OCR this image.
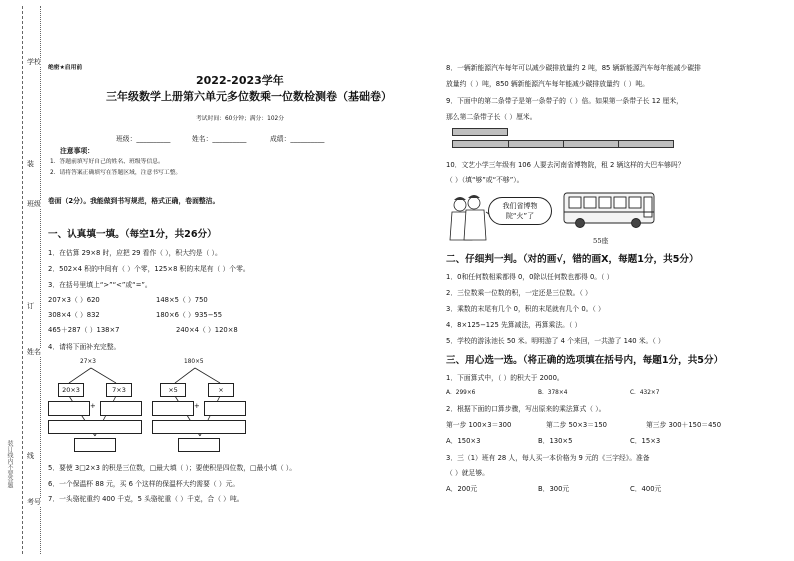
学校
装
班级
订
姓名
线
考号
装订线内不要答题
绝密★启用前
2022-2023学年
三年级数学上册第六单元多位数乘一位数检测卷（基础卷）
考试时间：60分钟；满分：102分
班级：__________	姓名：__________	成绩：__________
注意事项：
1．答题前填写好自己的姓名、班级等信息。
2．请将答案正确填写在答题区域，注意书写工整。
卷面（2分）。我能做到书写规范，格式正确，卷面整洁。
一、认真填一填。（每空1分，共26分）
1．在估算 29×8 时，应把 29 看作（ ），积大约是（ ）。
2．502×4 积的中间有（ ）个零，125×8 积的末尾有（ ）个零。
3．在括号里填上“>”“<”或“=”。
207×3（ ）620	148×5（ ）750
308×4（ ）832	180×6（ ）935−55
465＋287（ ）138×7	240×4（ ）120×8
4．请将下面补充完整。
27×3
20×3	7×3
+
180×5
×5	×
+
5．要使 3□2×3 的积是三位数，□最大填（ ）；要使积是四位数，□最小填（ ）。
6．一个保温杯 88 元，买 6 个这样的保温杯大约需要（ ）元。
7．一头骆驼重约 400 千克，5 头骆驼重（ ）千克，合（ ）吨。
8．一辆新能源汽车每年可以减少碳排放量约 2 吨，85 辆新能源汽车每年能减少碳排
放量约（ ）吨，850 辆新能源汽车每年能减少碳排放量约（ ）吨。
9．下面中的第二条带子是第一条带子的（ ）倍。如果第一条带子长 12 厘米，
那么第二条带子长（ ）厘米。
10．文艺小学三年级有 106 人要去河南省博物院，租 2 辆这样的大巴车够吗？
（ ）（填“够”或“不够”）。
我们省博物院“火”了
55座
二、仔细判一判。（对的画√，错的画X，每题1分，共5分）
1．0和任何数相乘都得 0，0除以任何数也都得 0。（ ）
2．三位数乘一位数的积，一定还是三位数。（ ）
3．乘数的末尾有几个 0，积的末尾就有几个 0。（ ）
4．8×125−125 先算减法，再算乘法。（ ）
5．学校的游泳池长 50 米。明明游了 4 个来回，一共游了 140 米。（ ）
三、用心选一选。（将正确的选项填在括号内，每题1分，共5分）
1．下面算式中，（ ）的积大于 2000。
A．299×6	B．378×4	C．432×7
2．根据下面的口算步骤，写出原来的乘法算式（ ）。
第一步 100×3＝300	第二步 50×3＝150	第三步 300＋150＝450
A．150×3	B．130×5	C．15×3
3．三（1）班有 28 人，每人买一本价格为 9 元的《三字经》。准备
（ ）就足够。
A．200元	B．300元	C．400元
